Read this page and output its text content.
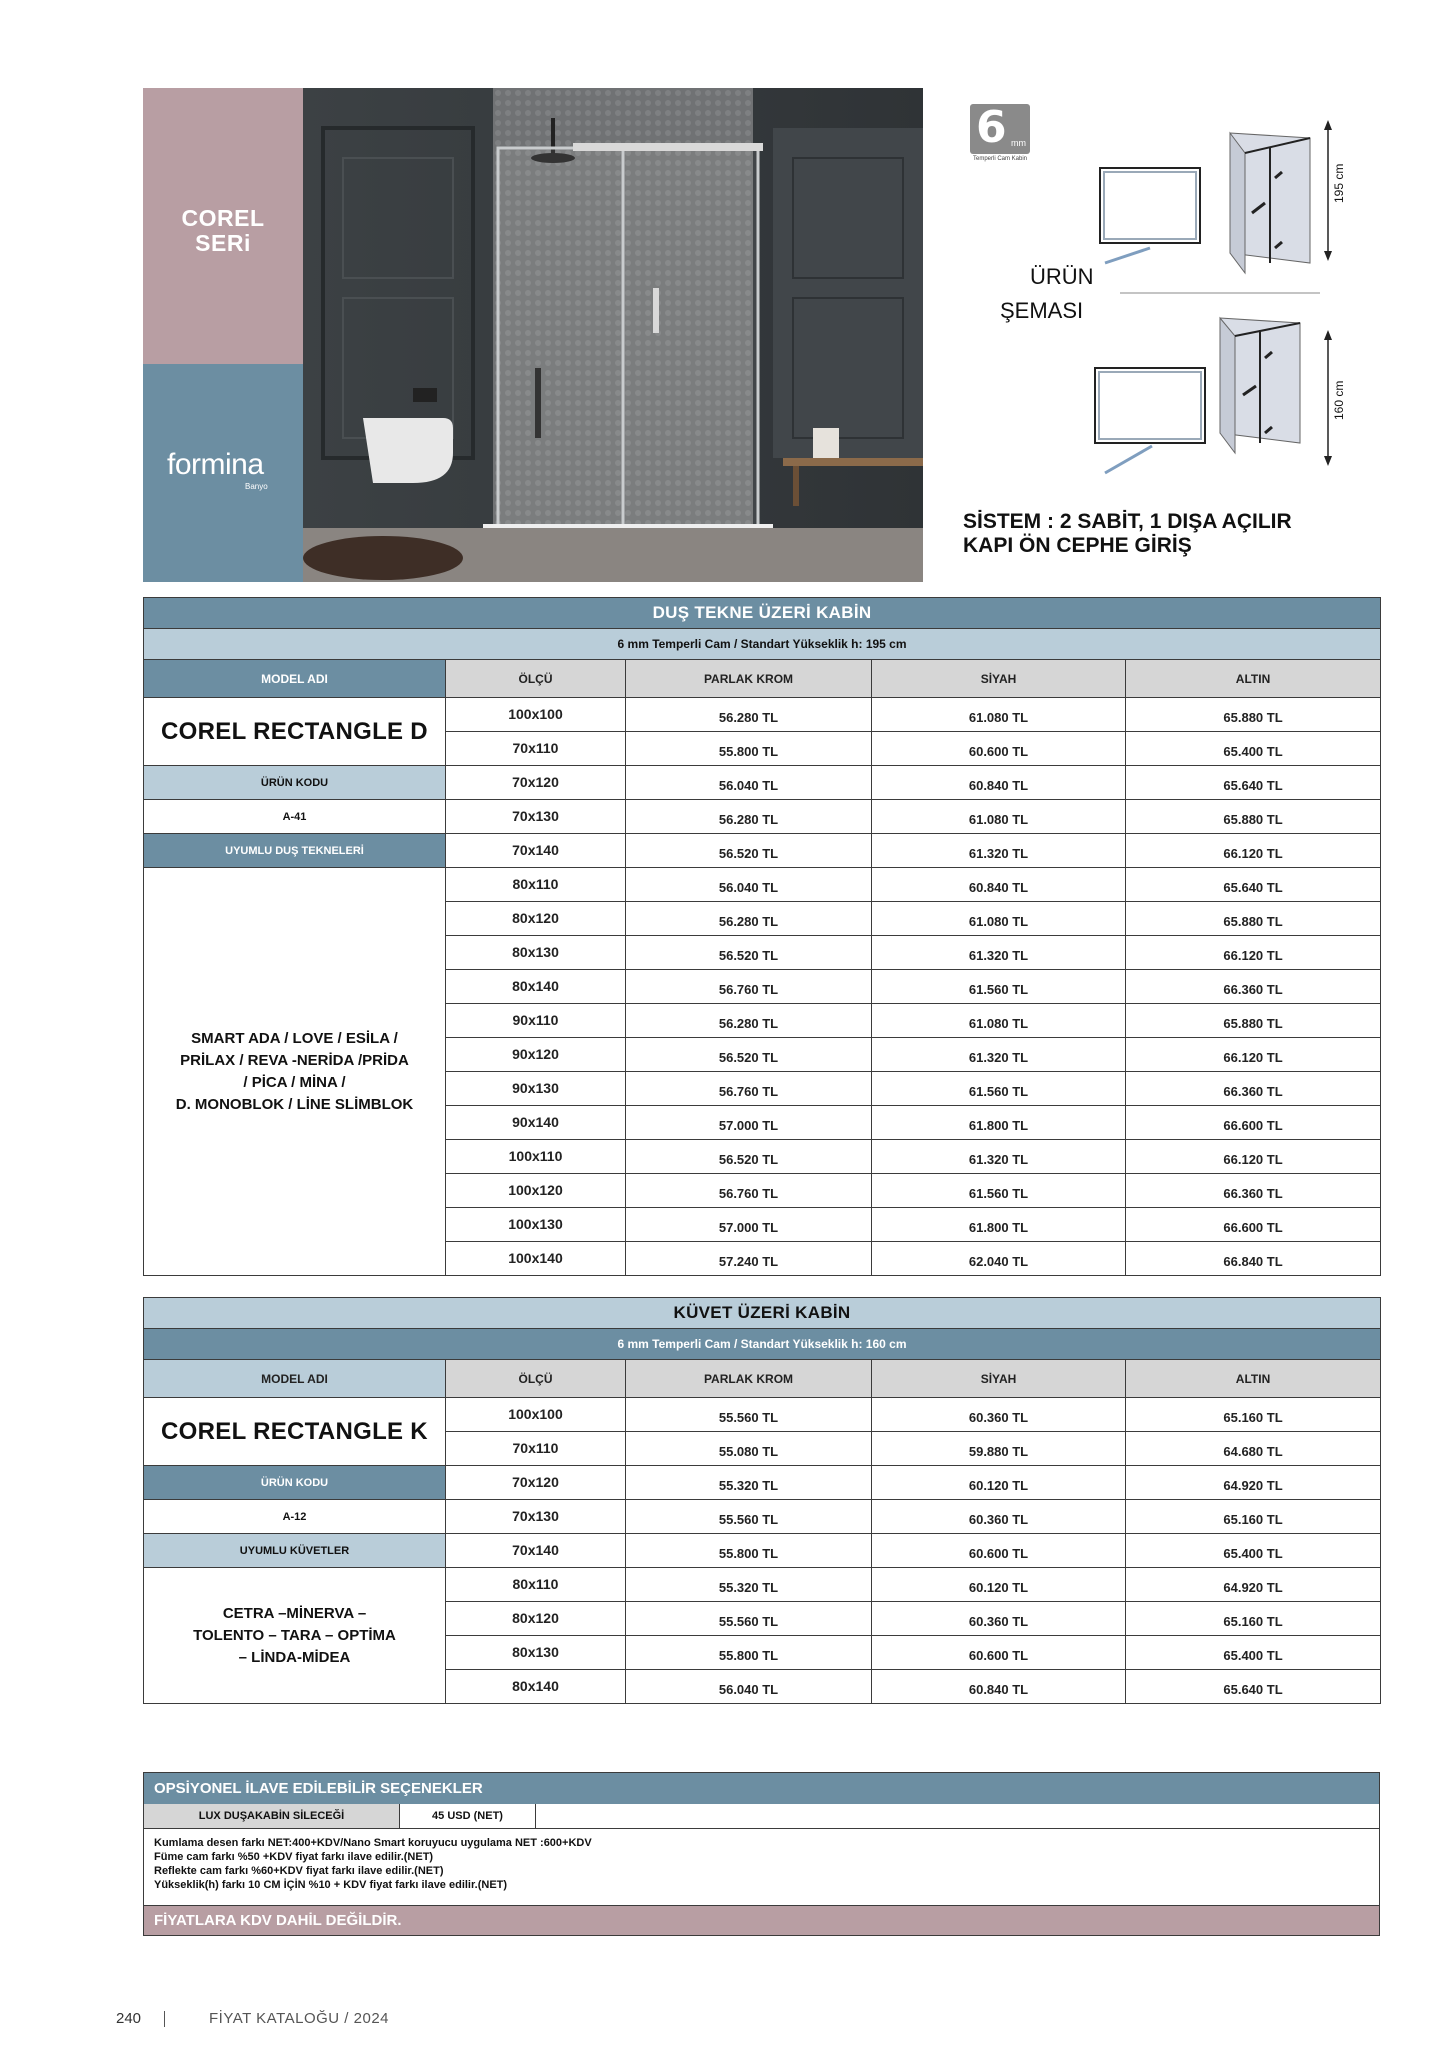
COREL
SERi
formina
Banyo
6 mm
Temperli Cam Kabin
ÜRÜN
ŞEMASI
195 cm
160 cm
SİSTEM : 2 SABİT, 1 DIŞA AÇILIR
KAPI ÖN CEPHE GİRİŞ
DUŞ TEKNE ÜZERİ KABİN				
6 mm Temperli Cam / Standart Yükseklik h: 195 cm				
MODEL ADI	ÖLÇÜ	PARLAK KROM	SİYAH	ALTIN
COREL RECTANGLE D	100x100	56.280 TL	61.080 TL	65.880 TL
	70x110	55.800 TL	60.600 TL	65.400 TL
ÜRÜN KODU	70x120	56.040 TL	60.840 TL	65.640 TL
A-41	70x130	56.280 TL	61.080 TL	65.880 TL
UYUMLU DUŞ TEKNELERİ	70x140	56.520 TL	61.320 TL	66.120 TL

SMART ADA / LOVE / ESİLA /
PRİLAX / REVA -NERİDA /PRİDA
/ PİCA / MİNA /
D. MONOBLOK / LİNE SLİMBLOK	80x110	56.040 TL	60.840 TL	65.640 TL
	80x120	56.280 TL	61.080 TL	65.880 TL
	80x130	56.520 TL	61.320 TL	66.120 TL
	80x140	56.760 TL	61.560 TL	66.360 TL
	90x110	56.280 TL	61.080 TL	65.880 TL
	90x120	56.520 TL	61.320 TL	66.120 TL
	90x130	56.760 TL	61.560 TL	66.360 TL
	90x140	57.000 TL	61.800 TL	66.600 TL
	100x110	56.520 TL	61.320 TL	66.120 TL
	100x120	56.760 TL	61.560 TL	66.360 TL
	100x130	57.000 TL	61.800 TL	66.600 TL
	100x140	57.240 TL	62.040 TL	66.840 TL
KÜVET ÜZERİ KABİN				
6 mm Temperli Cam / Standart Yükseklik h: 160 cm				
MODEL ADI	ÖLÇÜ	PARLAK KROM	SİYAH	ALTIN
COREL RECTANGLE K	100x100	55.560 TL	60.360 TL	65.160 TL
	70x110	55.080 TL	59.880 TL	64.680 TL
ÜRÜN KODU	70x120	55.320 TL	60.120 TL	64.920 TL
A-12	70x130	55.560 TL	60.360 TL	65.160 TL
UYUMLU KÜVETLER	70x140	55.800 TL	60.600 TL	65.400 TL

CETRA –MİNERVA –
TOLENTO – TARA – OPTİMA
– LİNDA-MİDEA	80x110	55.320 TL	60.120 TL	64.920 TL
	80x120	55.560 TL	60.360 TL	65.160 TL
	80x130	55.800 TL	60.600 TL	65.400 TL
	80x140	56.040 TL	60.840 TL	65.640 TL
OPSİYONEL İLAVE EDİLEBİLİR SEÇENEKLER
LUX DUŞAKABİN SİLECEĞİ	45 USD (NET)
Kumlama desen farkı NET:400+KDV/Nano Smart koruyucu uygulama NET :600+KDV
Füme cam farkı %50 +KDV fiyat farkı ilave edilir.(NET)
Reflekte cam farkı %60+KDV fiyat farkı ilave edilir.(NET)
Yükseklik(h) farkı 10 CM İÇİN %10 + KDV fiyat farkı ilave edilir.(NET)
FİYATLARA KDV DAHİL DEĞİLDİR.
240	FİYAT KATALOĞU / 2024
